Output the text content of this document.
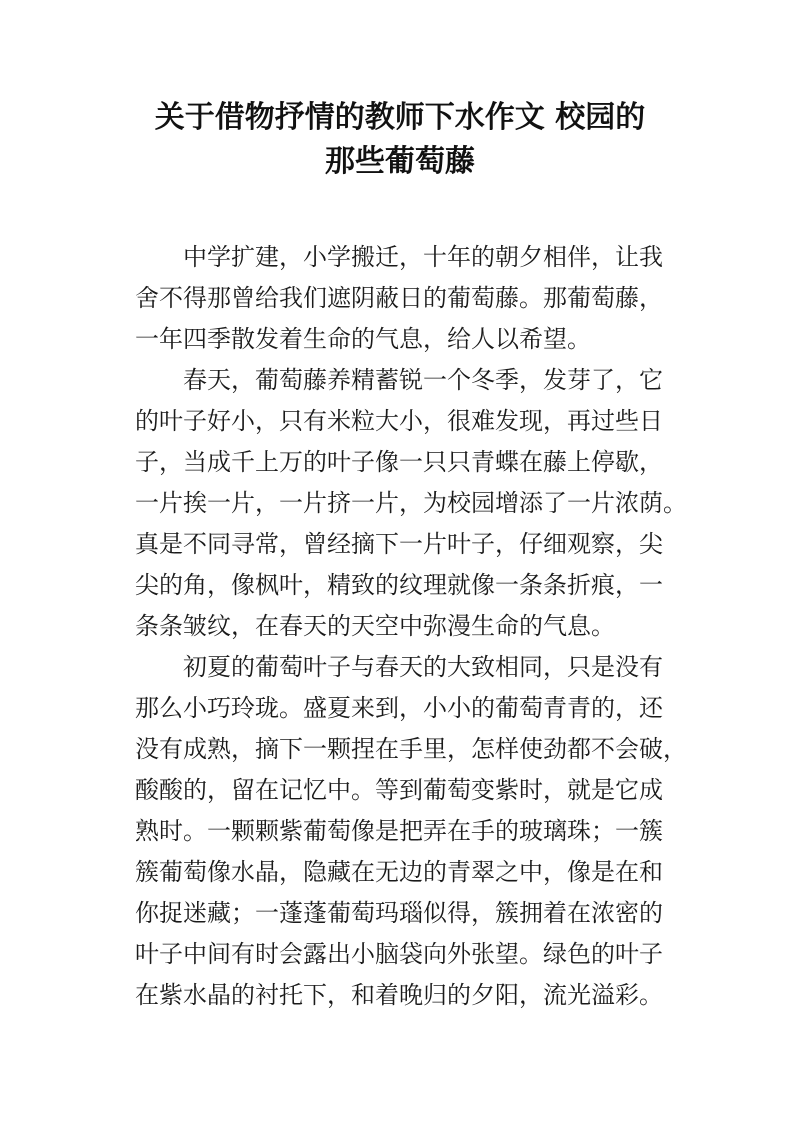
关于借物抒情的教师下水作文 校园的
那些葡萄藤

中学扩建，小学搬迁，十年的朝夕相伴，让我
舍不得那曾给我们遮阴蔽日的葡萄藤。那葡萄藤，
一年四季散发着生命的气息，给人以希望。

春天，葡萄藤养精蓄锐一个冬季，发芽了，它
的叶子好小，只有米粒大小，很难发现，再过些日
子，当成千上万的叶子像一只只青蝶在藤上停歇，
一片挨一片，一片挤一片，为校园增添了一片浓荫。
真是不同寻常，曾经摘下一片叶子，仔细观察，尖
尖的角，像枫叶，精致的纹理就像一条条折痕，一
条条皱纹，在春天的天空中弥漫生命的气息。

初夏的葡萄叶子与春天的大致相同，只是没有
那么小巧玲珑。盛夏来到，小小的葡萄青青的，还
没有成熟，摘下一颗捏在手里，怎样使劲都不会破，
酸酸的，留在记忆中。等到葡萄变紫时，就是它成
熟时。一颗颗紫葡萄像是把弄在手的玻璃珠；一簇
簇葡萄像水晶，隐藏在无边的青翠之中，像是在和
你捉迷藏；一蓬蓬葡萄玛瑙似得，簇拥着在浓密的
叶子中间有时会露出小脑袋向外张望。绿色的叶子
在紫水晶的衬托下，和着晚归的夕阳，流光溢彩。
